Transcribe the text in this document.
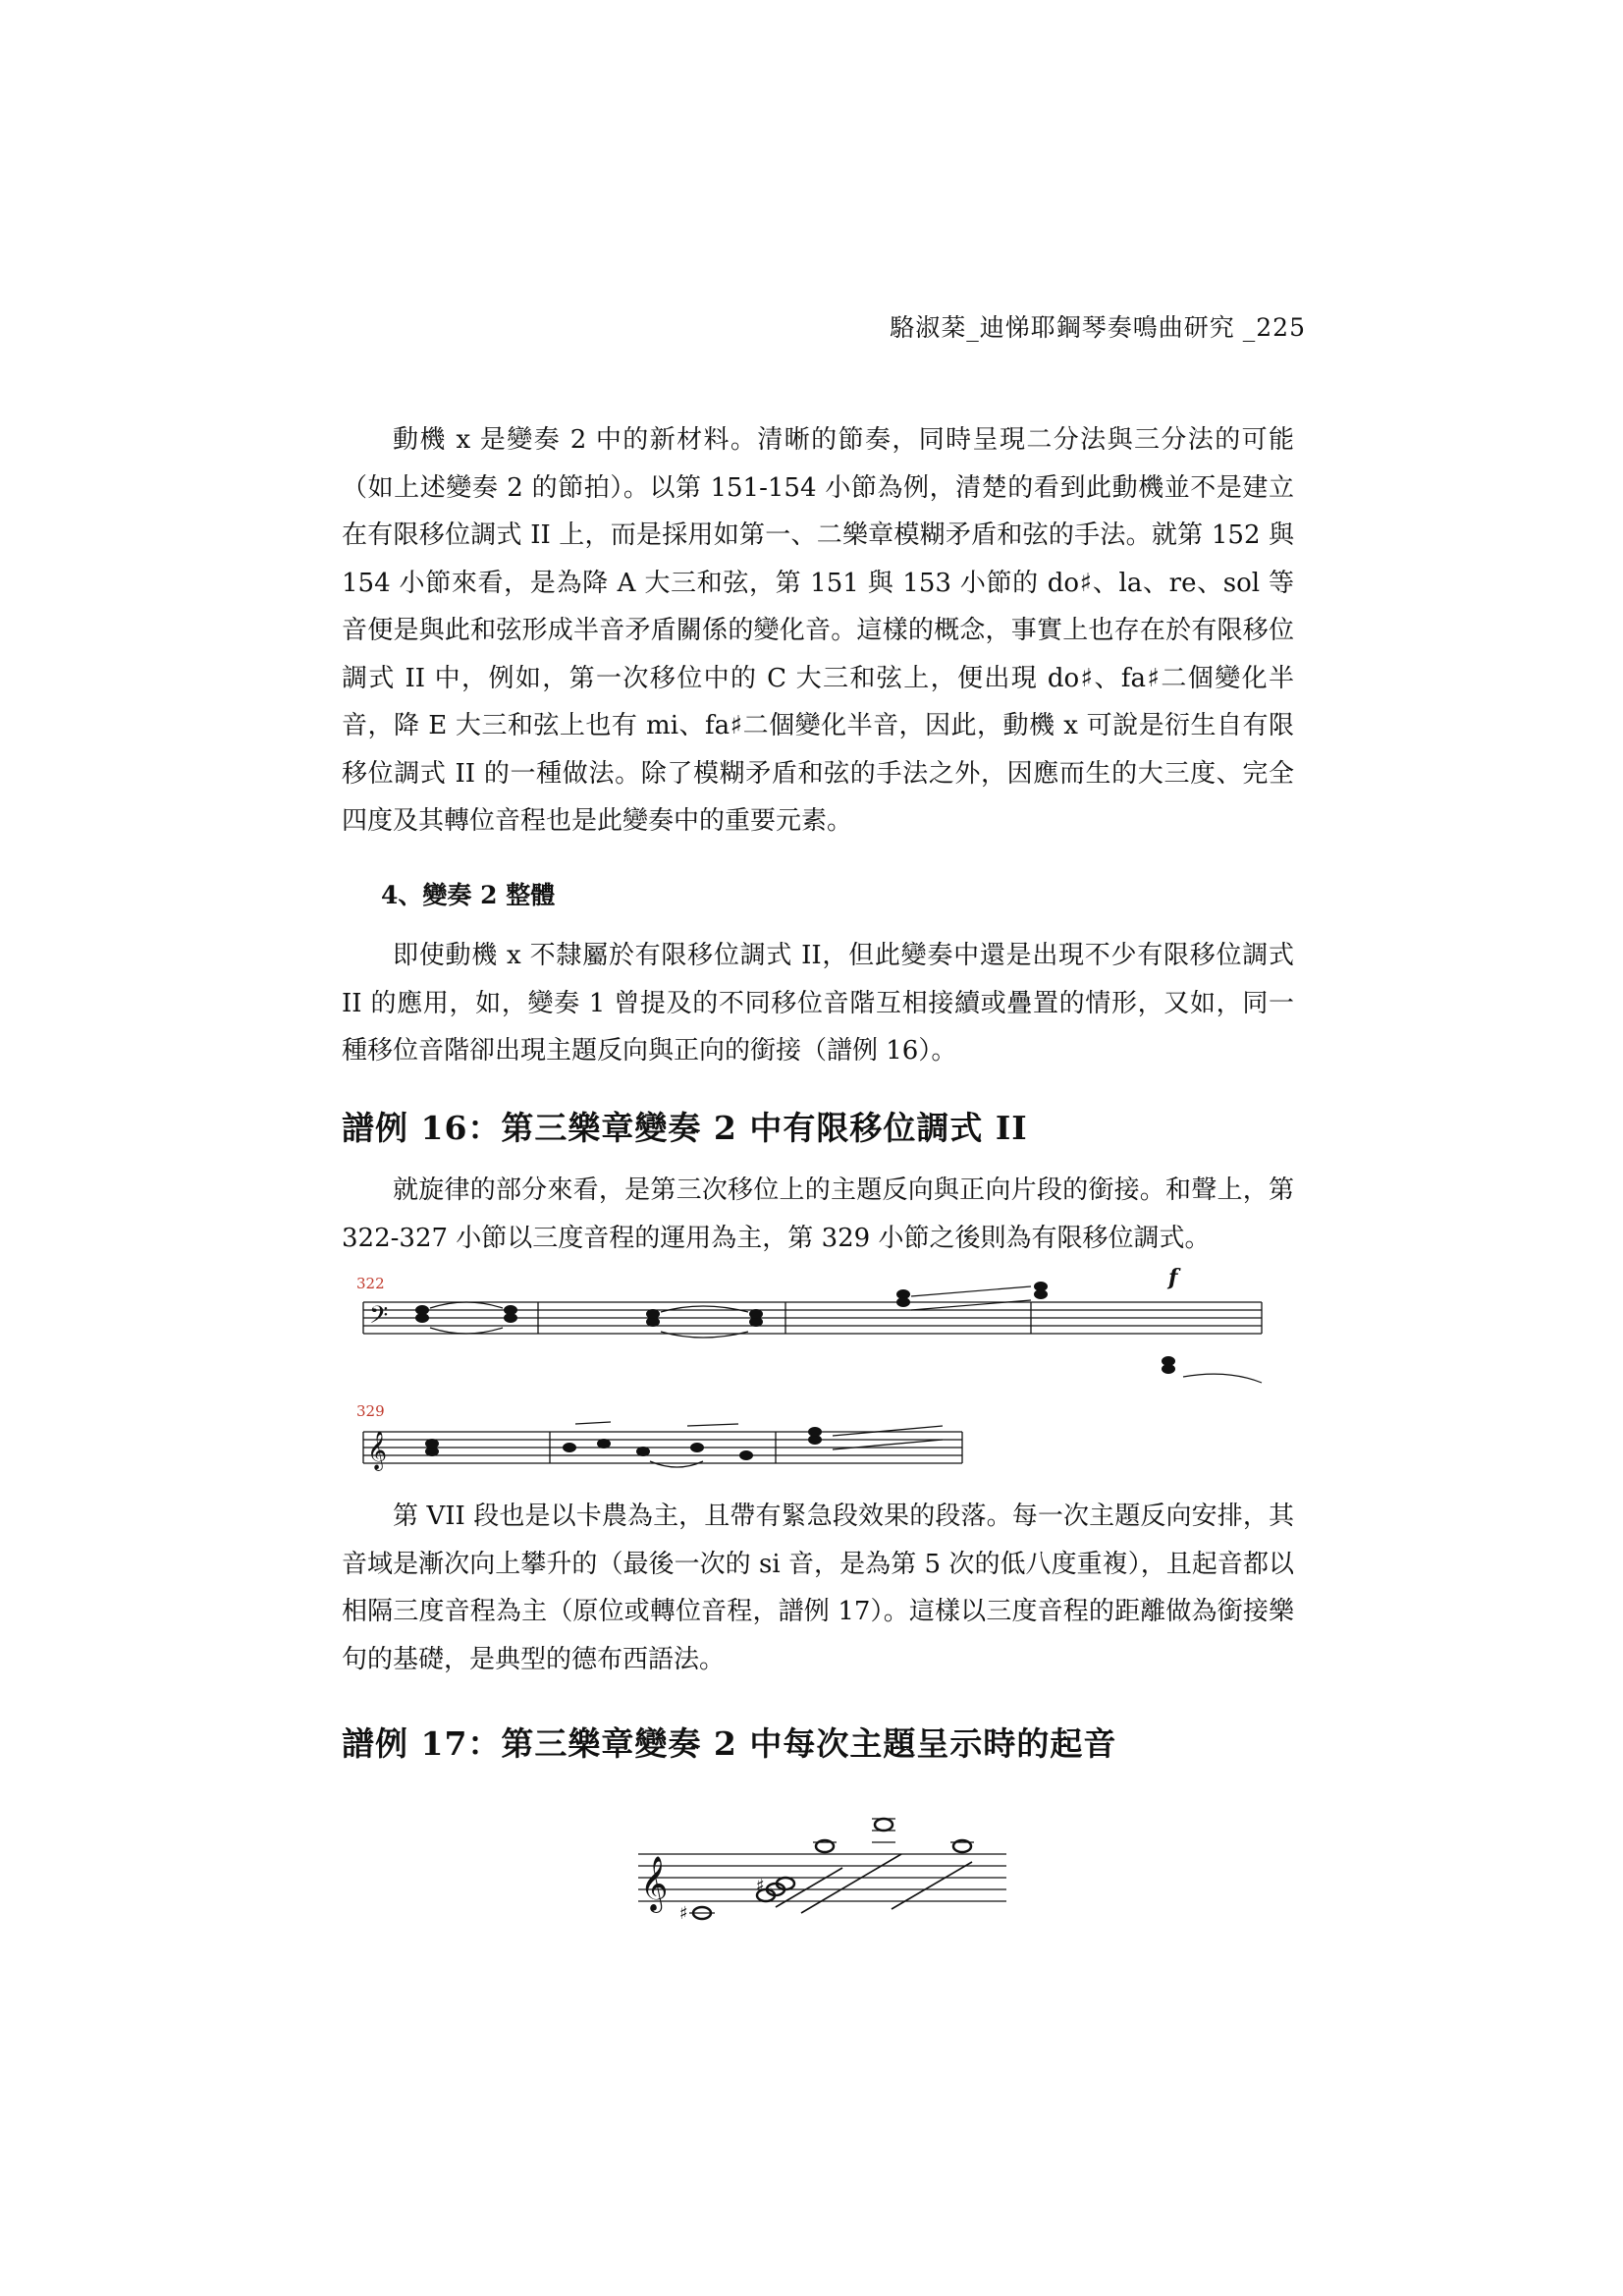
駱淑棻_迪悌耶鋼琴奏鳴曲研究 _225

動機 x 是變奏 2 中的新材料。清晰的節奏，同時呈現二分法與三分法的可能（如上述變奏 2 的節拍）。以第 151-154 小節為例，清楚的看到此動機並不是建立在有限移位調式 II 上，而是採用如第一、二樂章模糊矛盾和弦的手法。就第 152 與 154 小節來看，是為降 A 大三和弦，第 151 與 153 小節的 do♯、la、re、sol 等音便是與此和弦形成半音矛盾關係的變化音。這樣的概念，事實上也存在於有限移位調式 II 中，例如，第一次移位中的 C 大三和弦上，便出現 do♯、fa♯二個變化半音，降 E 大三和弦上也有 mi、fa♯二個變化半音，因此，動機 x 可說是衍生自有限移位調式 II 的一種做法。除了模糊矛盾和弦的手法之外，因應而生的大三度、完全四度及其轉位音程也是此變奏中的重要元素。

4、變奏 2 整體

即使動機 x 不隸屬於有限移位調式 II，但此變奏中還是出現不少有限移位調式 II 的應用，如，變奏 1 曾提及的不同移位音階互相接續或疊置的情形，又如，同一種移位音階卻出現主題反向與正向的銜接（譜例 16）。

譜例 16：第三樂章變奏 2 中有限移位調式 II

就旋律的部分來看，是第三次移位上的主題反向與正向片段的銜接。和聲上，第 322-327 小節以三度音程的運用為主，第 329 小節之後則為有限移位調式。

322
𝄢
f
329
𝄞

第 VII 段也是以卡農為主，且帶有緊急段效果的段落。每一次主題反向安排，其音域是漸次向上攀升的（最後一次的 si 音，是為第 5 次的低八度重複），且起音都以相隔三度音程為主（原位或轉位音程，譜例 17）。這樣以三度音程的距離做為銜接樂句的基礎，是典型的德布西語法。

譜例 17：第三樂章變奏 2 中每次主題呈示時的起音
𝄞
♯
♯
